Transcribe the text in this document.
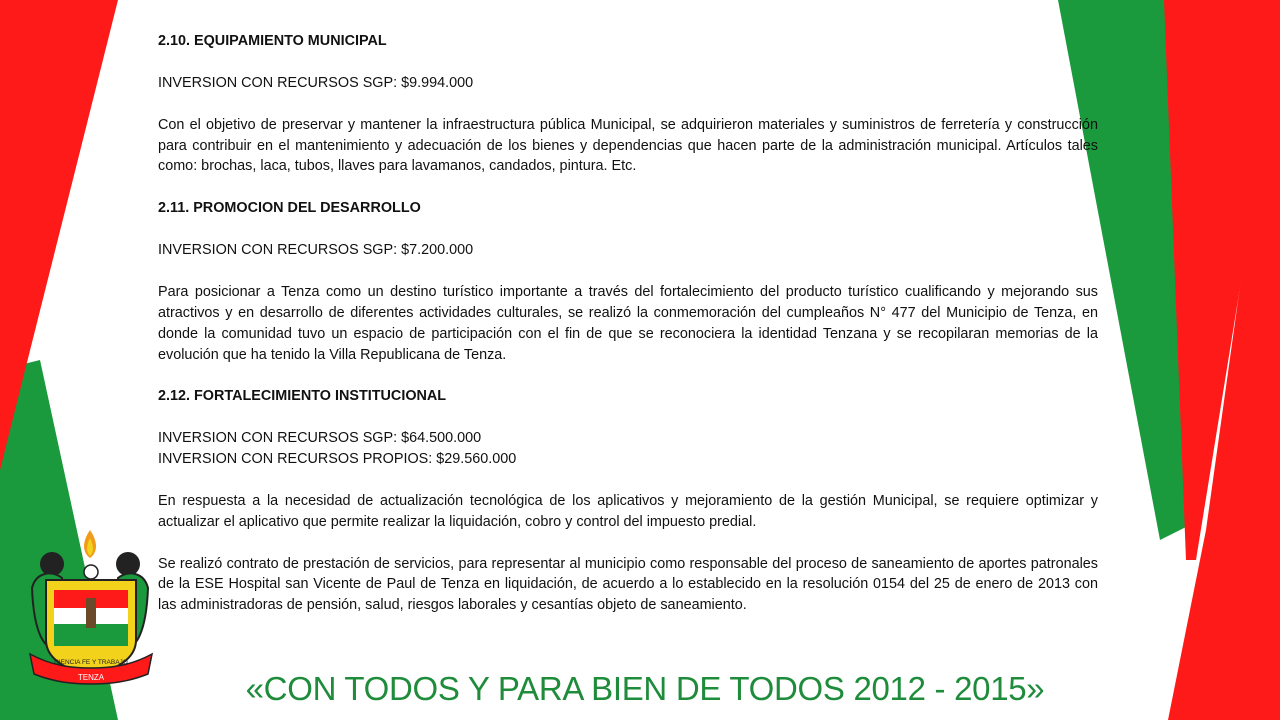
2.10. EQUIPAMIENTO MUNICIPAL

INVERSION CON RECURSOS SGP: $9.994.000

Con el objetivo de preservar y mantener la infraestructura pública Municipal, se adquirieron materiales y suministros de ferretería y construcción para contribuir en el mantenimiento y adecuación de los bienes y dependencias que hacen parte de la administración municipal. Artículos tales como: brochas, laca, tubos, llaves para lavamanos, candados, pintura. Etc.

2.11. PROMOCION DEL DESARROLLO

INVERSION CON RECURSOS SGP: $7.200.000

Para posicionar a Tenza como un destino turístico importante a través del fortalecimiento del producto turístico cualificando y mejorando sus atractivos y en desarrollo de diferentes actividades culturales, se realizó la conmemoración del cumpleaños N° 477 del Municipio de Tenza, en donde la comunidad tuvo un espacio de participación con el fin de que se reconociera la identidad Tenzana y se recopilaran memorias de la evolución que ha tenido la Villa Republicana de Tenza.

2.12. FORTALECIMIENTO INSTITUCIONAL

INVERSION CON RECURSOS SGP: $64.500.000

INVERSION CON RECURSOS PROPIOS: $29.560.000

En respuesta a la necesidad de actualización tecnológica de los aplicativos y mejoramiento de la gestión Municipal, se requiere optimizar y actualizar el aplicativo que permite realizar la liquidación, cobro y control del impuesto predial.

Se realizó contrato de prestación de servicios, para representar al municipio como responsable del proceso de saneamiento de aportes patronales de la ESE Hospital san Vicente de Paul de Tenza en liquidación, de acuerdo a lo establecido en la resolución 0154 del 25 de enero de 2013 con las administradoras de pensión, salud, riesgos laborales y cesantías objeto de saneamiento.

TENZA
CIENCIA FE Y TRABAJO
«CON TODOS Y PARA BIEN DE TODOS 2012 - 2015»
